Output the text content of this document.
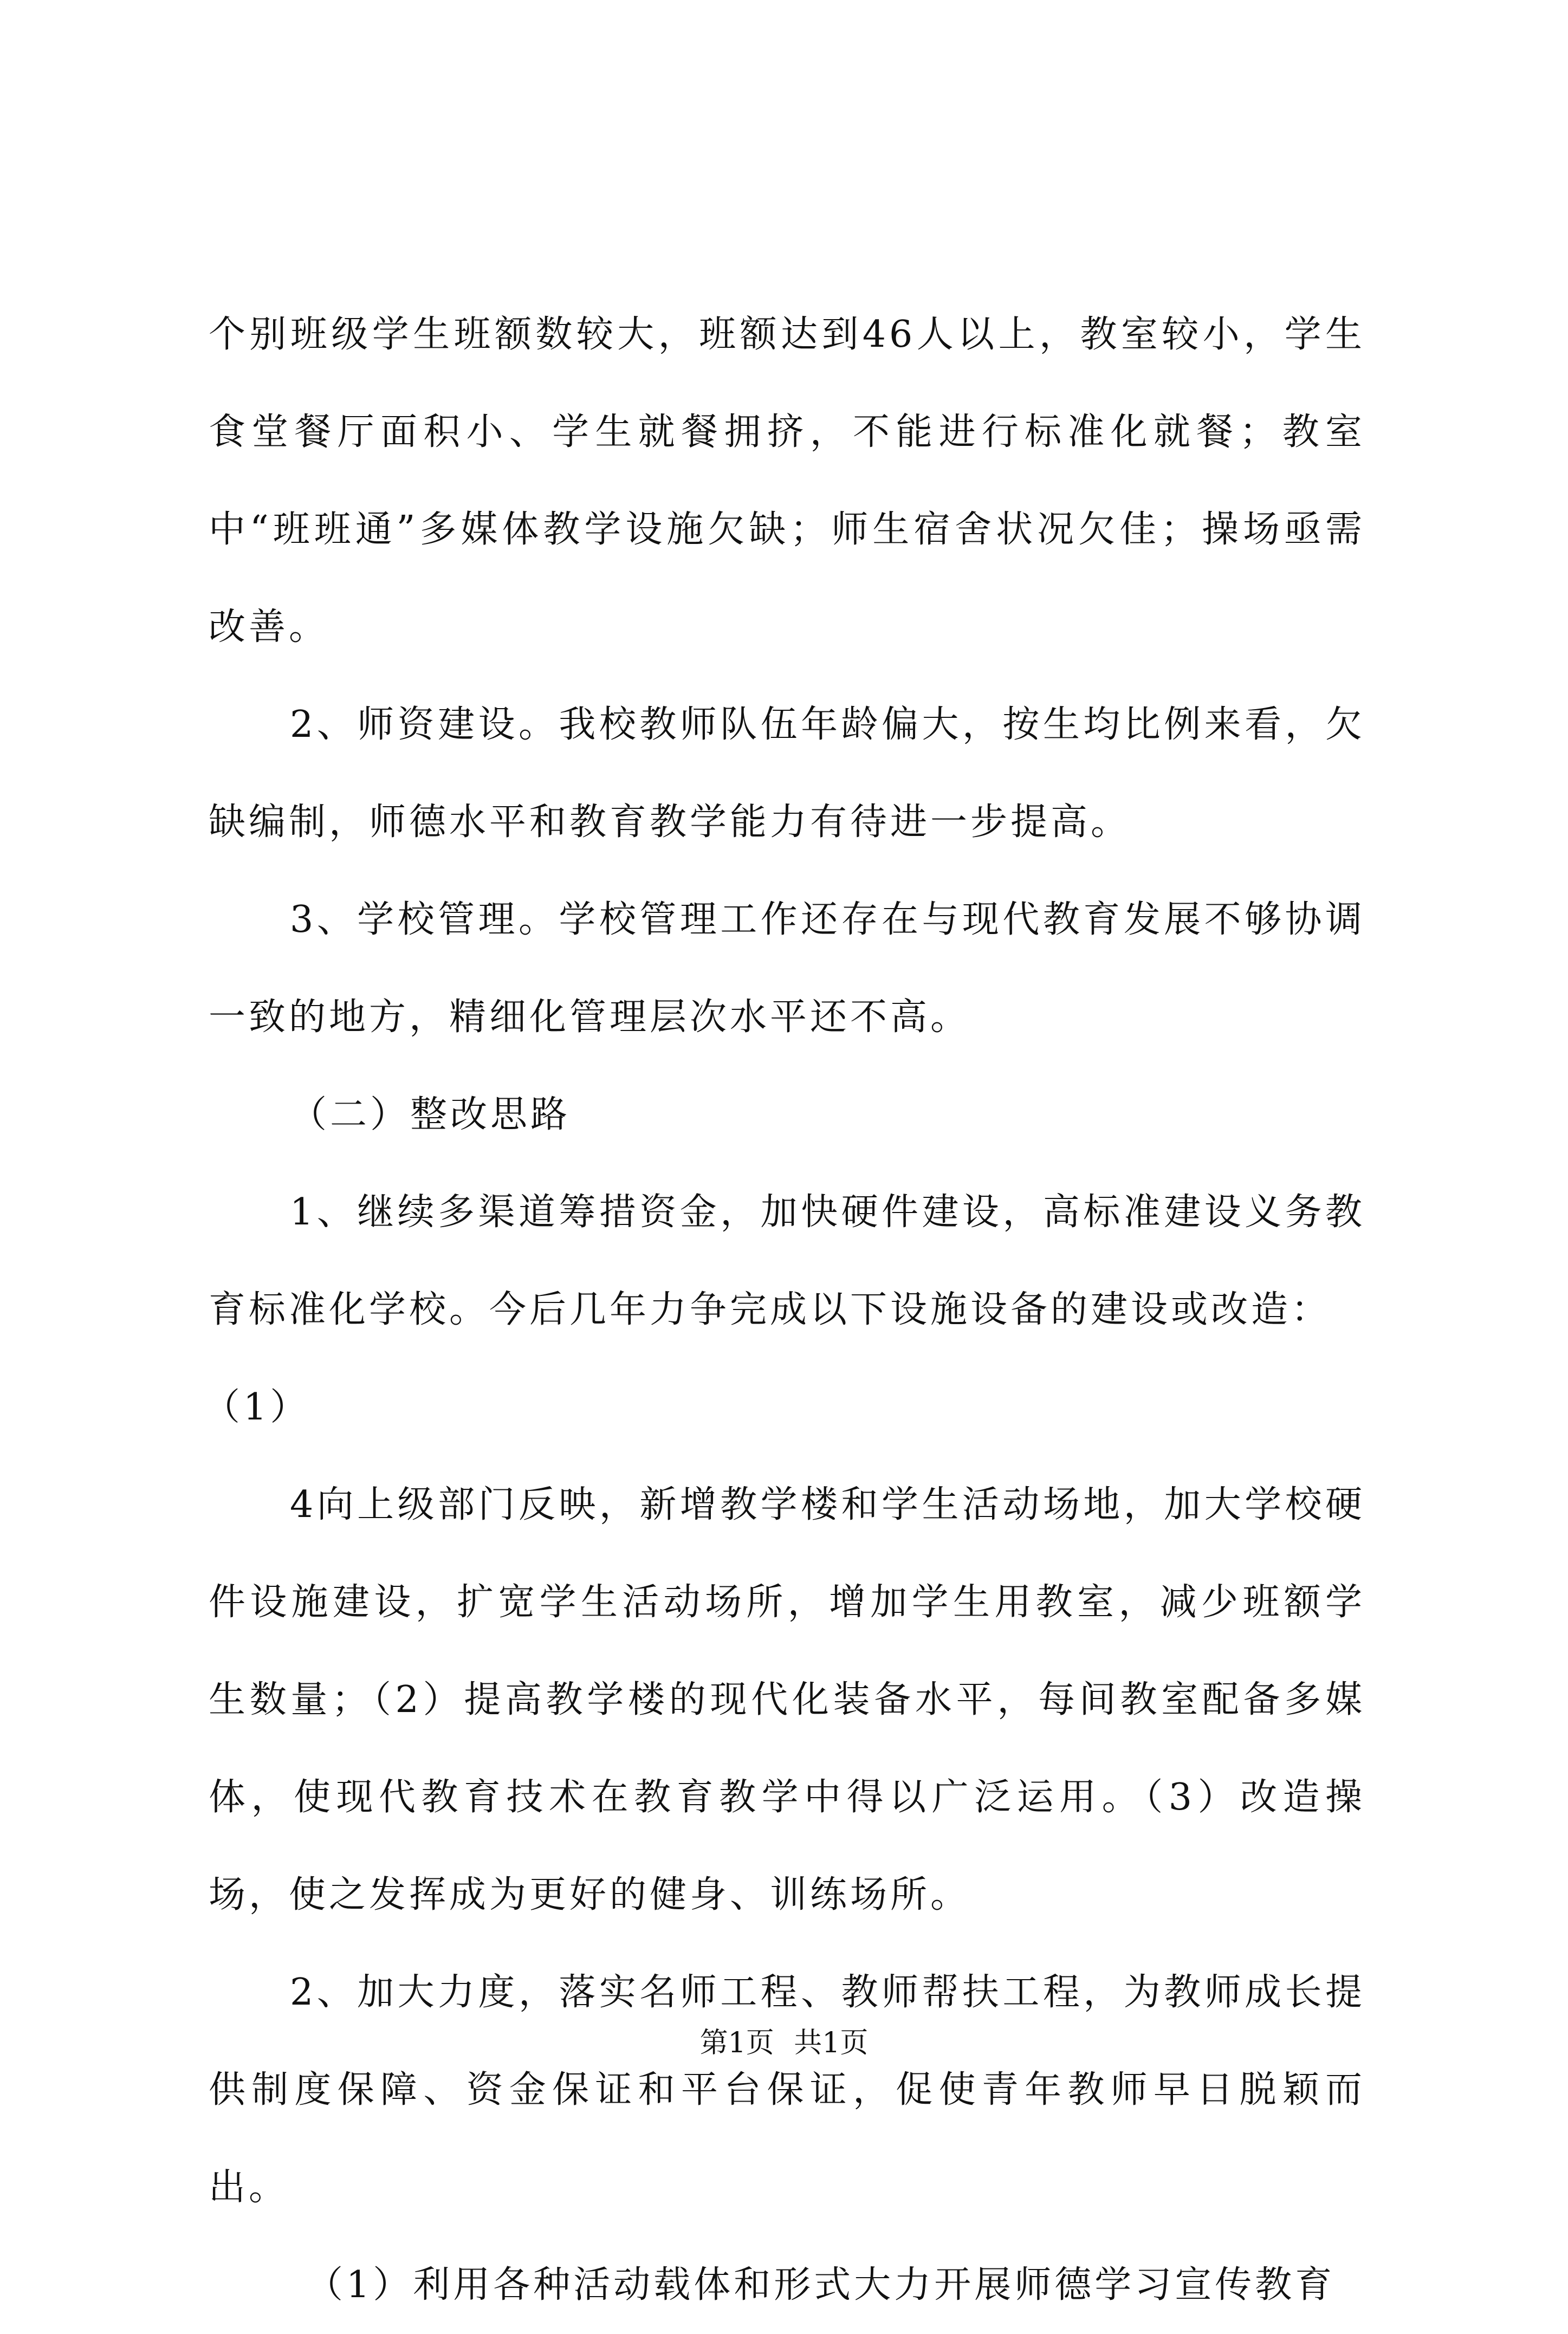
个别班级学生班额数较大，班额达到46人以上，教室较小，学生食堂餐厅面积小、学生就餐拥挤，不能进行标准化就餐；教室中“班班通”多媒体教学设施欠缺；师生宿舍状况欠佳；操场亟需改善。

2、师资建设。我校教师队伍年龄偏大，按生均比例来看，欠缺编制，师德水平和教育教学能力有待进一步提高。

3、学校管理。学校管理工作还存在与现代教育发展不够协调一致的地方，精细化管理层次水平还不高。

（二）整改思路

1、继续多渠道筹措资金，加快硬件建设，高标准建设义务教育标准化学校。今后几年力争完成以下设施设备的建设或改造：

（1）

4向上级部门反映，新增教学楼和学生活动场地，加大学校硬件设施建设，扩宽学生活动场所，增加学生用教室，减少班额学生数量；（2）提高教学楼的现代化装备水平，每间教室配备多媒体，使现代教育技术在教育教学中得以广泛运用。（3）改造操场，使之发挥成为更好的健身、训练场所。

2、加大力度，落实名师工程、教师帮扶工程，为教师成长提供制度保障、资金保证和平台保证，促使青年教师早日脱颖而出。

（1）利用各种活动载体和形式大力开展师德学习宣传教育

第1页 共1页
